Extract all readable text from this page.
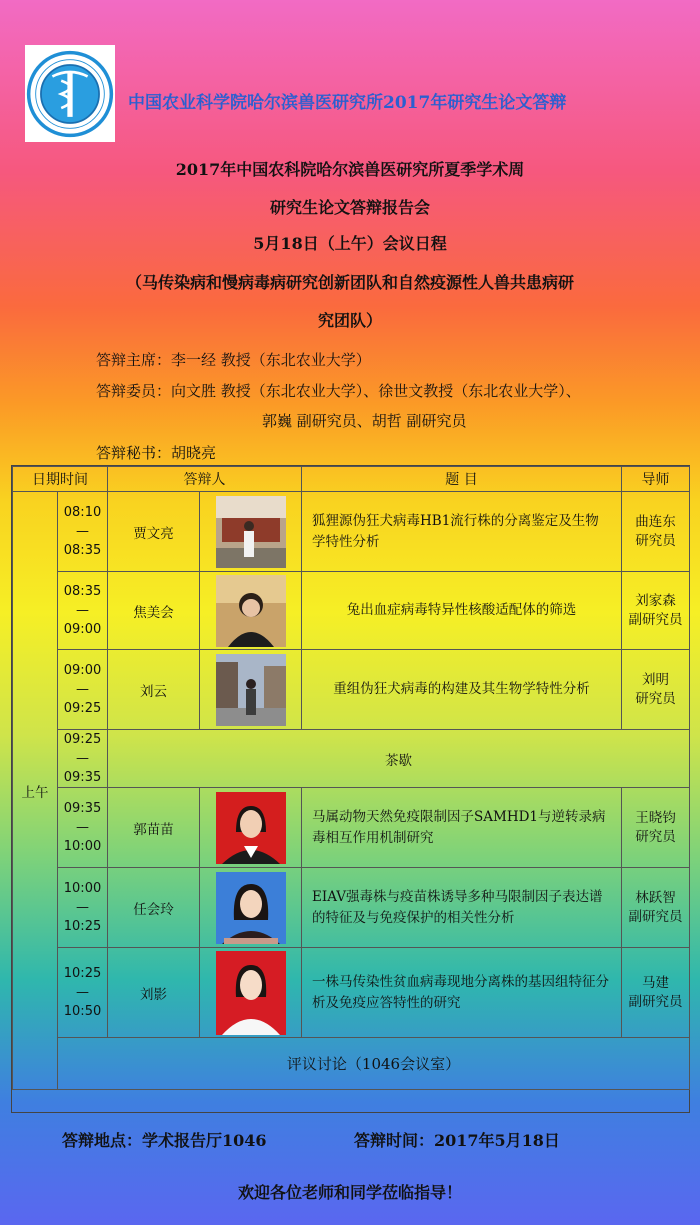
中国农业科学院哈尔滨兽医研究所2017年研究生论文答辩
2017年中国农科院哈尔滨兽医研究所夏季学术周
研究生论文答辩报告会
5月18日（上午）会议日程
（马传染病和慢病毒病研究创新团队和自然疫源性人兽共患病研
究团队）
答辩主席：李一经 教授（东北农业大学）
答辩委员：向文胜 教授（东北农业大学）、徐世文教授（东北农业大学）、
郭巍 副研究员、胡哲 副研究员
答辩秘书：胡晓亮
日期时间		答辩人		题 目	导师
上午	08:10
—
08:35	贾文亮		狐狸源伪狂犬病毒HB1流行株的分离鉴定及生物学特性分析	曲连东
研究员
	08:35
—
09:00	焦美会		兔出血症病毒特异性核酸适配体的筛选	刘家森
副研究员
	09:00
—
09:25	刘云		重组伪狂犬病毒的构建及其生物学特性分析	刘明
研究员
	09:25
—
09:35	茶歇			
	09:35
—
10:00	郭苗苗		马属动物天然免疫限制因子SAMHD1与逆转录病毒相互作用机制研究	王晓钧
研究员
	10:00
—
10:25	任会玲		EIAV强毒株与疫苗株诱导多种马限制因子表达谱的特征及与免疫保护的相关性分析	林跃智
副研究员
	10:25
—
10:50	刘影		一株马传染性贫血病毒现地分离株的基因组特征分析及免疫应答特性的研究	马建
副研究员
	评议讨论（1046会议室）				
答辩地点：学术报告厅1046	答辩时间：2017年5月18日
欢迎各位老师和同学莅临指导！
